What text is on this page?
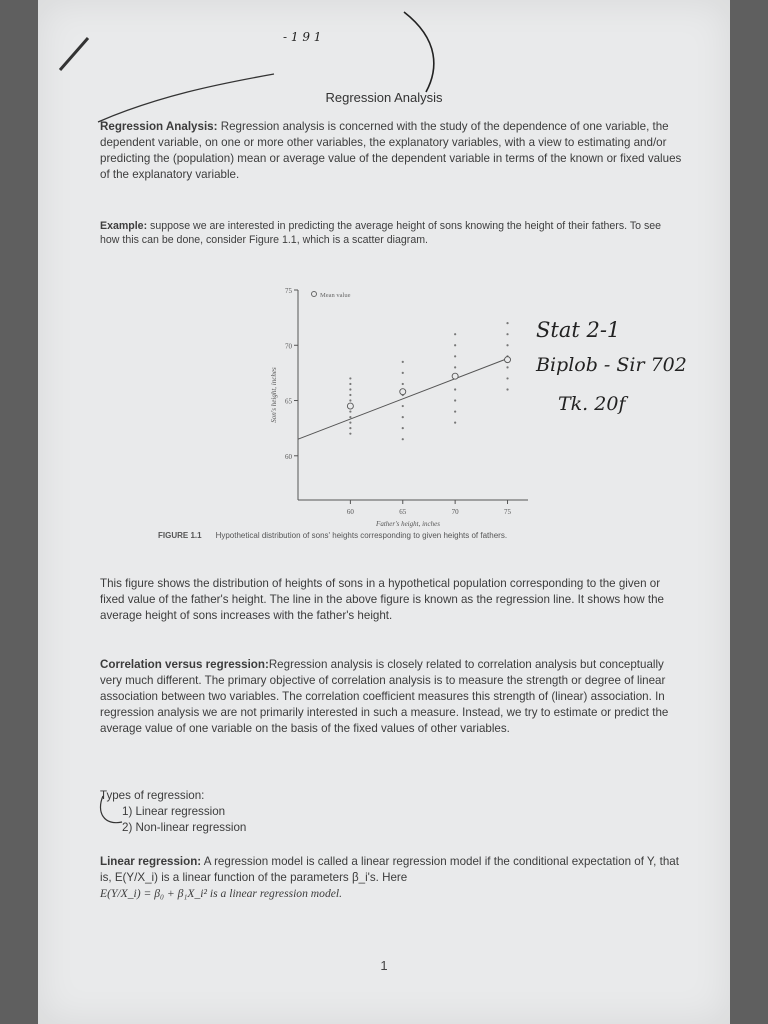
Regression Analysis
Regression Analysis: Regression analysis is concerned with the study of the dependence of one variable, the dependent variable, on one or more other variables, the explanatory variables, with a view to estimating and/or predicting the (population) mean or average value of the dependent variable in terms of the known or fixed values of the explanatory variable.
Example: suppose we are interested in predicting the average height of sons knowing the height of their fathers. To see how this can be done, consider Figure 1.1, which is a scatter diagram.
60	65	70	75
60
65
70
75
Father's height, inches
Son's height, inches
Mean value
FIGURE 1.1 Hypothetical distribution of sons' heights corresponding to given heights of fathers.
This figure shows the distribution of heights of sons in a hypothetical population corresponding to the given or fixed value of the father's height. The line in the above figure is known as the regression line. It shows how the average height of sons increases with the father's height.
Correlation versus regression:Regression analysis is closely related to correlation analysis but conceptually very much different. The primary objective of correlation analysis is to measure the strength or degree of linear association between two variables. The correlation coefficient measures this strength of (linear) association. In regression analysis we are not primarily interested in such a measure. Instead, we try to estimate or predict the average value of one variable on the basis of the fixed values of other variables.
Types of regression:
1) Linear regression
2) Non-linear regression
Linear regression: A regression model is called a linear regression model if the conditional expectation of Y, that is, E(Y/X_i) is a linear function of the parameters β_i's. Here
E(Y/X_i) = β₀ + β₁X_i² is a linear regression model.
1
- 1 9 1
Stat 2-1
Biplob - Sir 702
Tk. 20f
